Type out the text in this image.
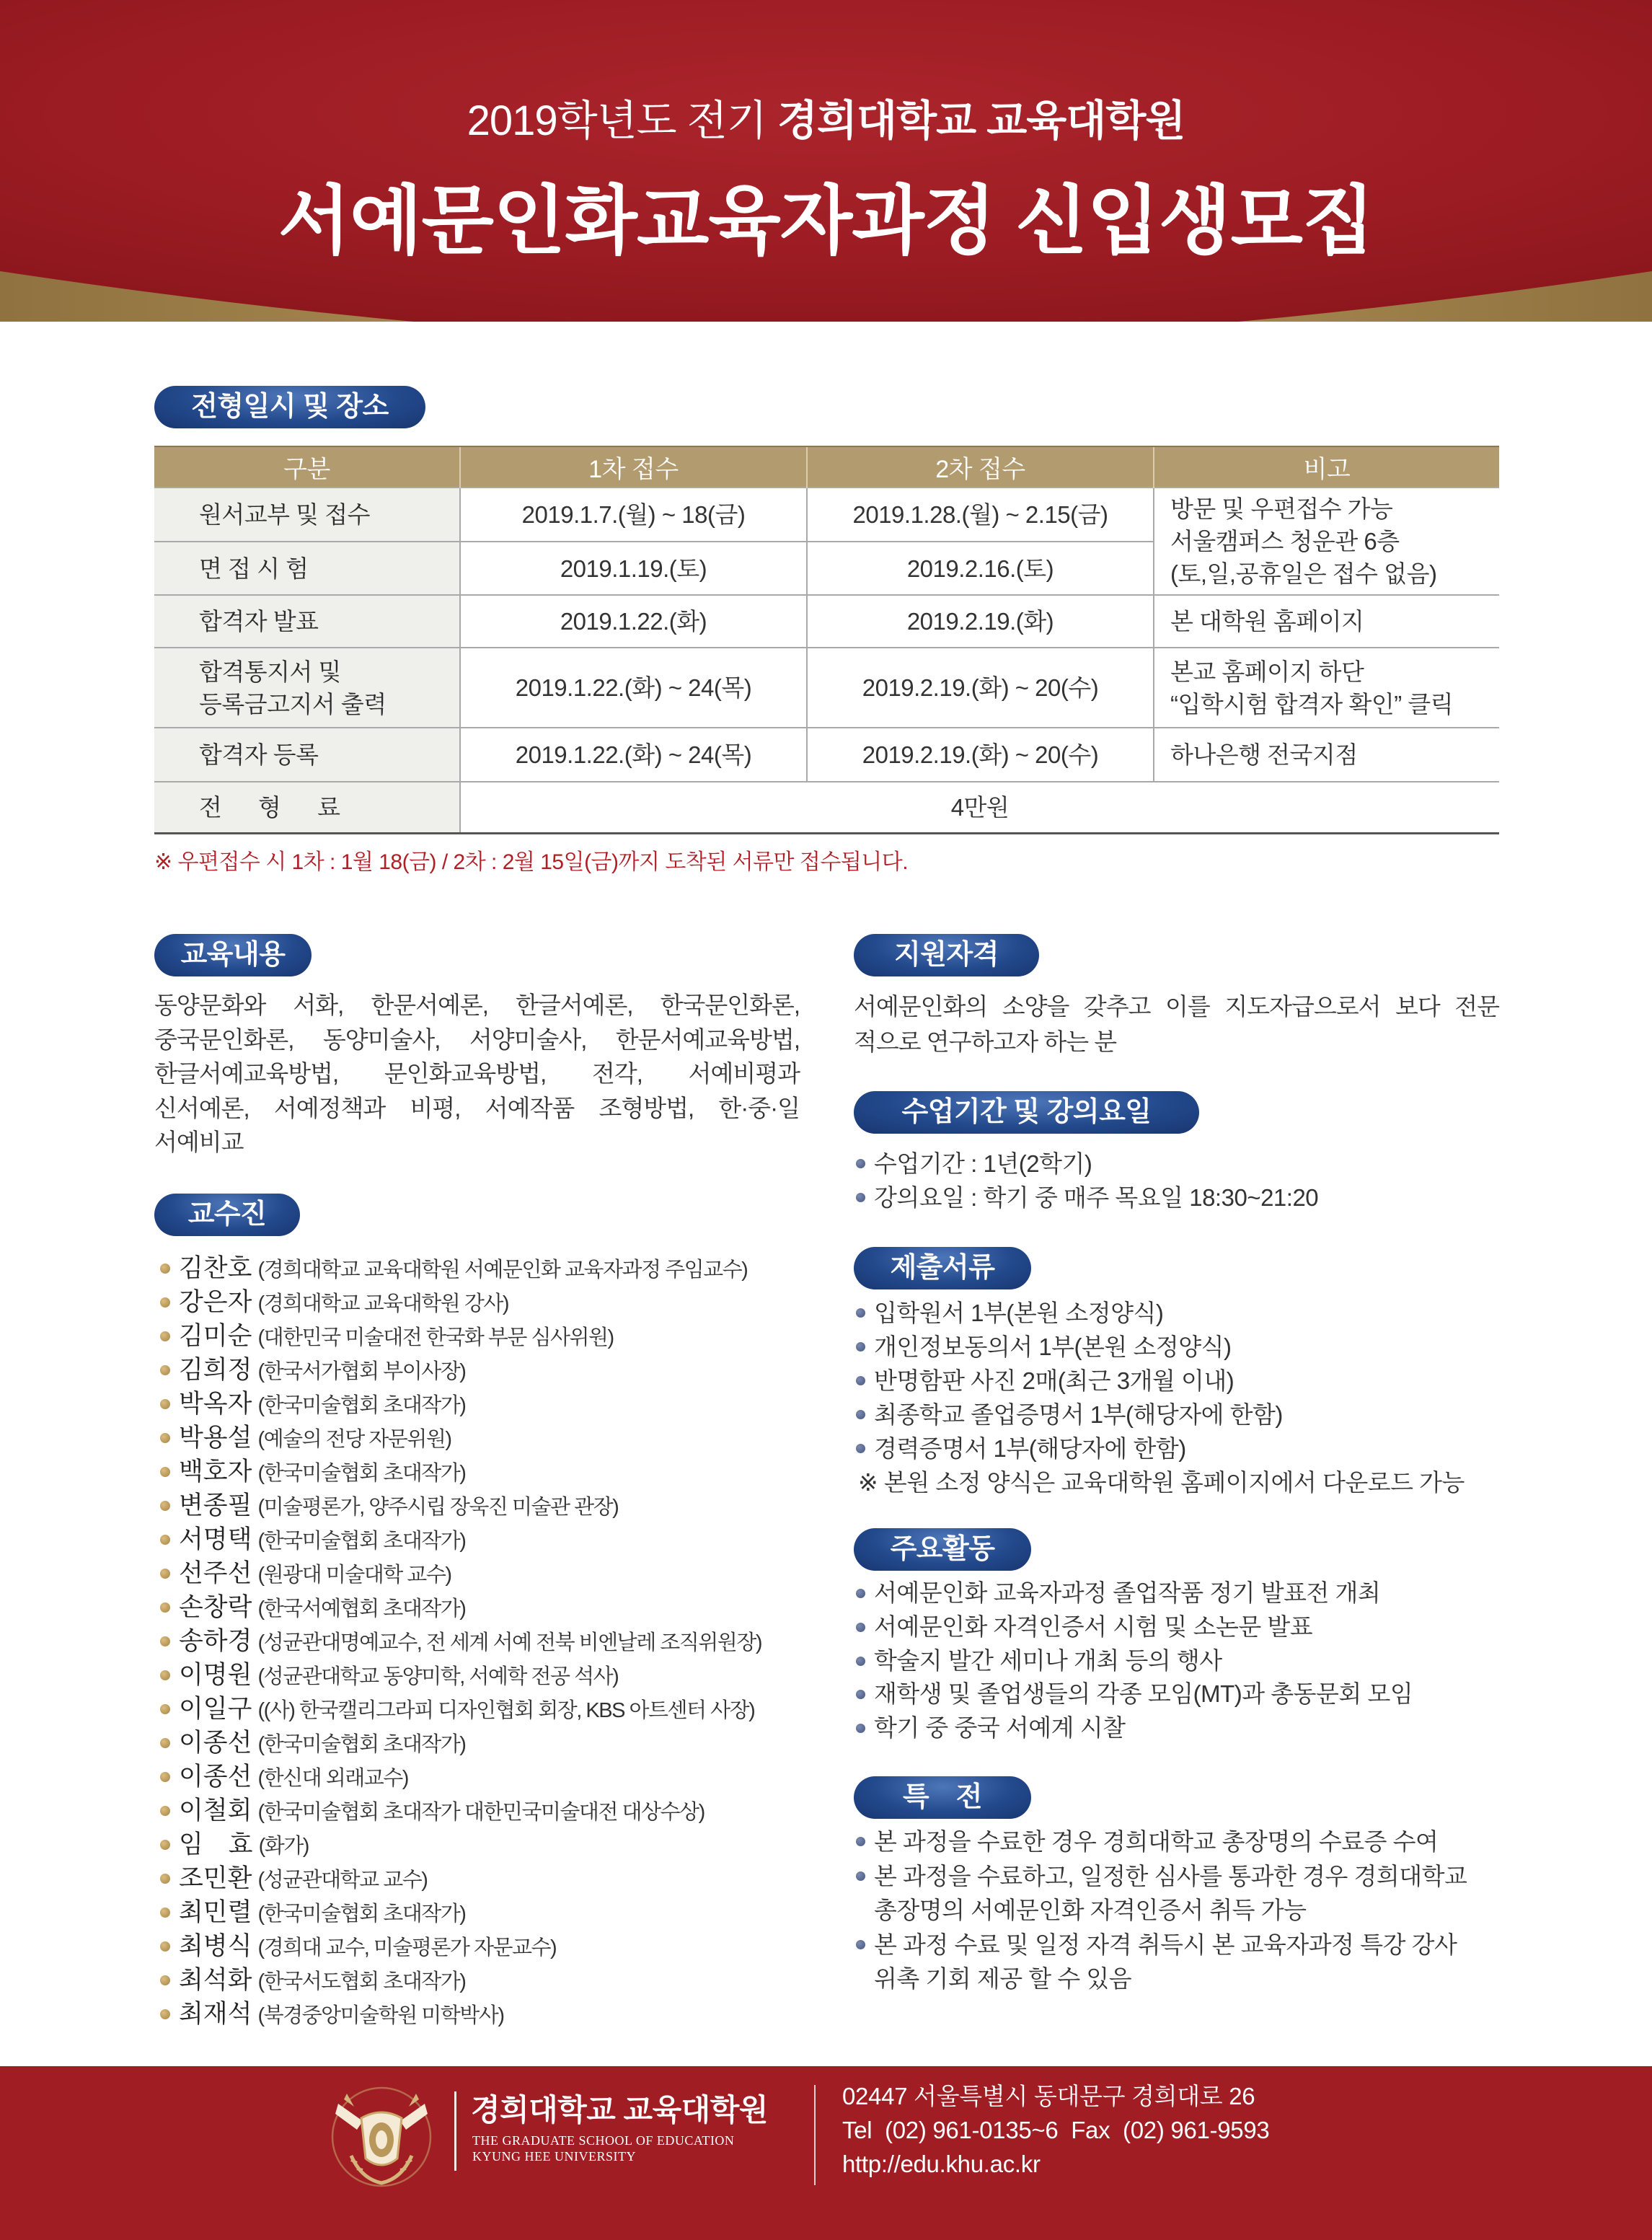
2019학년도 전기 경희대학교 교육대학원
서예문인화교육자과정 신입생모집
전형일시 및 장소
구분	1차 접수	2차 접수	비고
원서교부 및 접수	2019.1.7.(월) ~ 18(금)	2019.1.28.(월) ~ 2.15(금)	방문 및 우편접수 가능
서울캠퍼스 청운관 6층
(토,일,공휴일은 접수 없음)
면 접 시 험	2019.1.19.(토)	2019.2.16.(토)	
합격자 발표	2019.1.22.(화)	2019.2.19.(화)	본 대학원 홈페이지
합격통지서 및
등록금고지서 출력	2019.1.22.(화) ~ 24(목)	2019.2.19.(화) ~ 20(수)	본교 홈페이지 하단
“입학시험 합격자 확인” 클릭
합격자 등록	2019.1.22.(화) ~ 24(목)	2019.2.19.(화) ~ 20(수)	하나은행 전국지점
전 형 료	4만원		
※ 우편접수 시 1차 : 1월 18(금) / 2차 : 2월 15일(금)까지 도착된 서류만 접수됩니다.
교육내용
동양문화와 서화, 한문서예론, 한글서예론, 한국문인화론,
중국문인화론, 동양미술사, 서양미술사, 한문서예교육방법,
한글서예교육방법, 문인화교육방법, 전각, 서예비평과
신서예론, 서예정책과 비평, 서예작품 조형방법, 한·중·일
서예비교
교수진
김찬호 (경희대학교 교육대학원 서예문인화 교육자과정 주임교수)
강은자 (경희대학교 교육대학원 강사)
김미순 (대한민국 미술대전 한국화 부문 심사위원)
김희정 (한국서가협회 부이사장)
박옥자 (한국미술협회 초대작가)
박용설 (예술의 전당 자문위원)
백호자 (한국미술협회 초대작가)
변종필 (미술평론가, 양주시립 장욱진 미술관 관장)
서명택 (한국미술협회 초대작가)
선주선 (원광대 미술대학 교수)
손창락 (한국서예협회 초대작가)
송하경 (성균관대명예교수, 전 세계 서예 전북 비엔날레 조직위원장)
이명원 (성균관대학교 동양미학, 서예학 전공 석사)
이일구 ((사) 한국캘리그라피 디자인협회 회장, KBS 아트센터 사장)
이종선 (한국미술협회 초대작가)
이종선 (한신대 외래교수)
이철회 (한국미술협회 초대작가 대한민국미술대전 대상수상)
임　효 (화가)
조민환 (성균관대학교 교수)
최민렬 (한국미술협회 초대작가)
최병식 (경희대 교수, 미술평론가 자문교수)
최석화 (한국서도협회 초대작가)
최재석 (북경중앙미술학원 미학박사)
지원자격
서예문인화의 소양을 갖추고 이를 지도자급으로서 보다 전문
적으로 연구하고자 하는 분
수업기간 및 강의요일
수업기간 : 1년(2학기)
강의요일 : 학기 중 매주 목요일 18:30~21:20
제출서류
입학원서 1부(본원 소정양식)
개인정보동의서 1부(본원 소정양식)
반명함판 사진 2매(최근 3개월 이내)
최종학교 졸업증명서 1부(해당자에 한함)
경력증명서 1부(해당자에 한함)
※ 본원 소정 양식은 교육대학원 홈페이지에서 다운로드 가능
주요활동
서예문인화 교육자과정 졸업작품 정기 발표전 개최
서예문인화 자격인증서 시험 및 소논문 발표
학술지 발간 세미나 개최 등의 행사
재학생 및 졸업생들의 각종 모임(MT)과 총동문회 모임
학기 중 중국 서예계 시찰
특　전
본 과정을 수료한 경우 경희대학교 총장명의 수료증 수여
본 과정을 수료하고, 일정한 심사를 통과한 경우 경희대학교
총장명의 서예문인화 자격인증서 취득 가능
본 과정 수료 및 일정 자격 취득시 본 교육자과정 특강 강사
위촉 기회 제공 할 수 있음
경희대학교 교육대학원
THE GRADUATE SCHOOL OF EDUCATION
KYUNG HEE UNIVERSITY
02447 서울특별시 동대문구 경희대로 26
Tel  (02) 961-0135~6  Fax  (02) 961-9593
http://edu.khu.ac.kr
